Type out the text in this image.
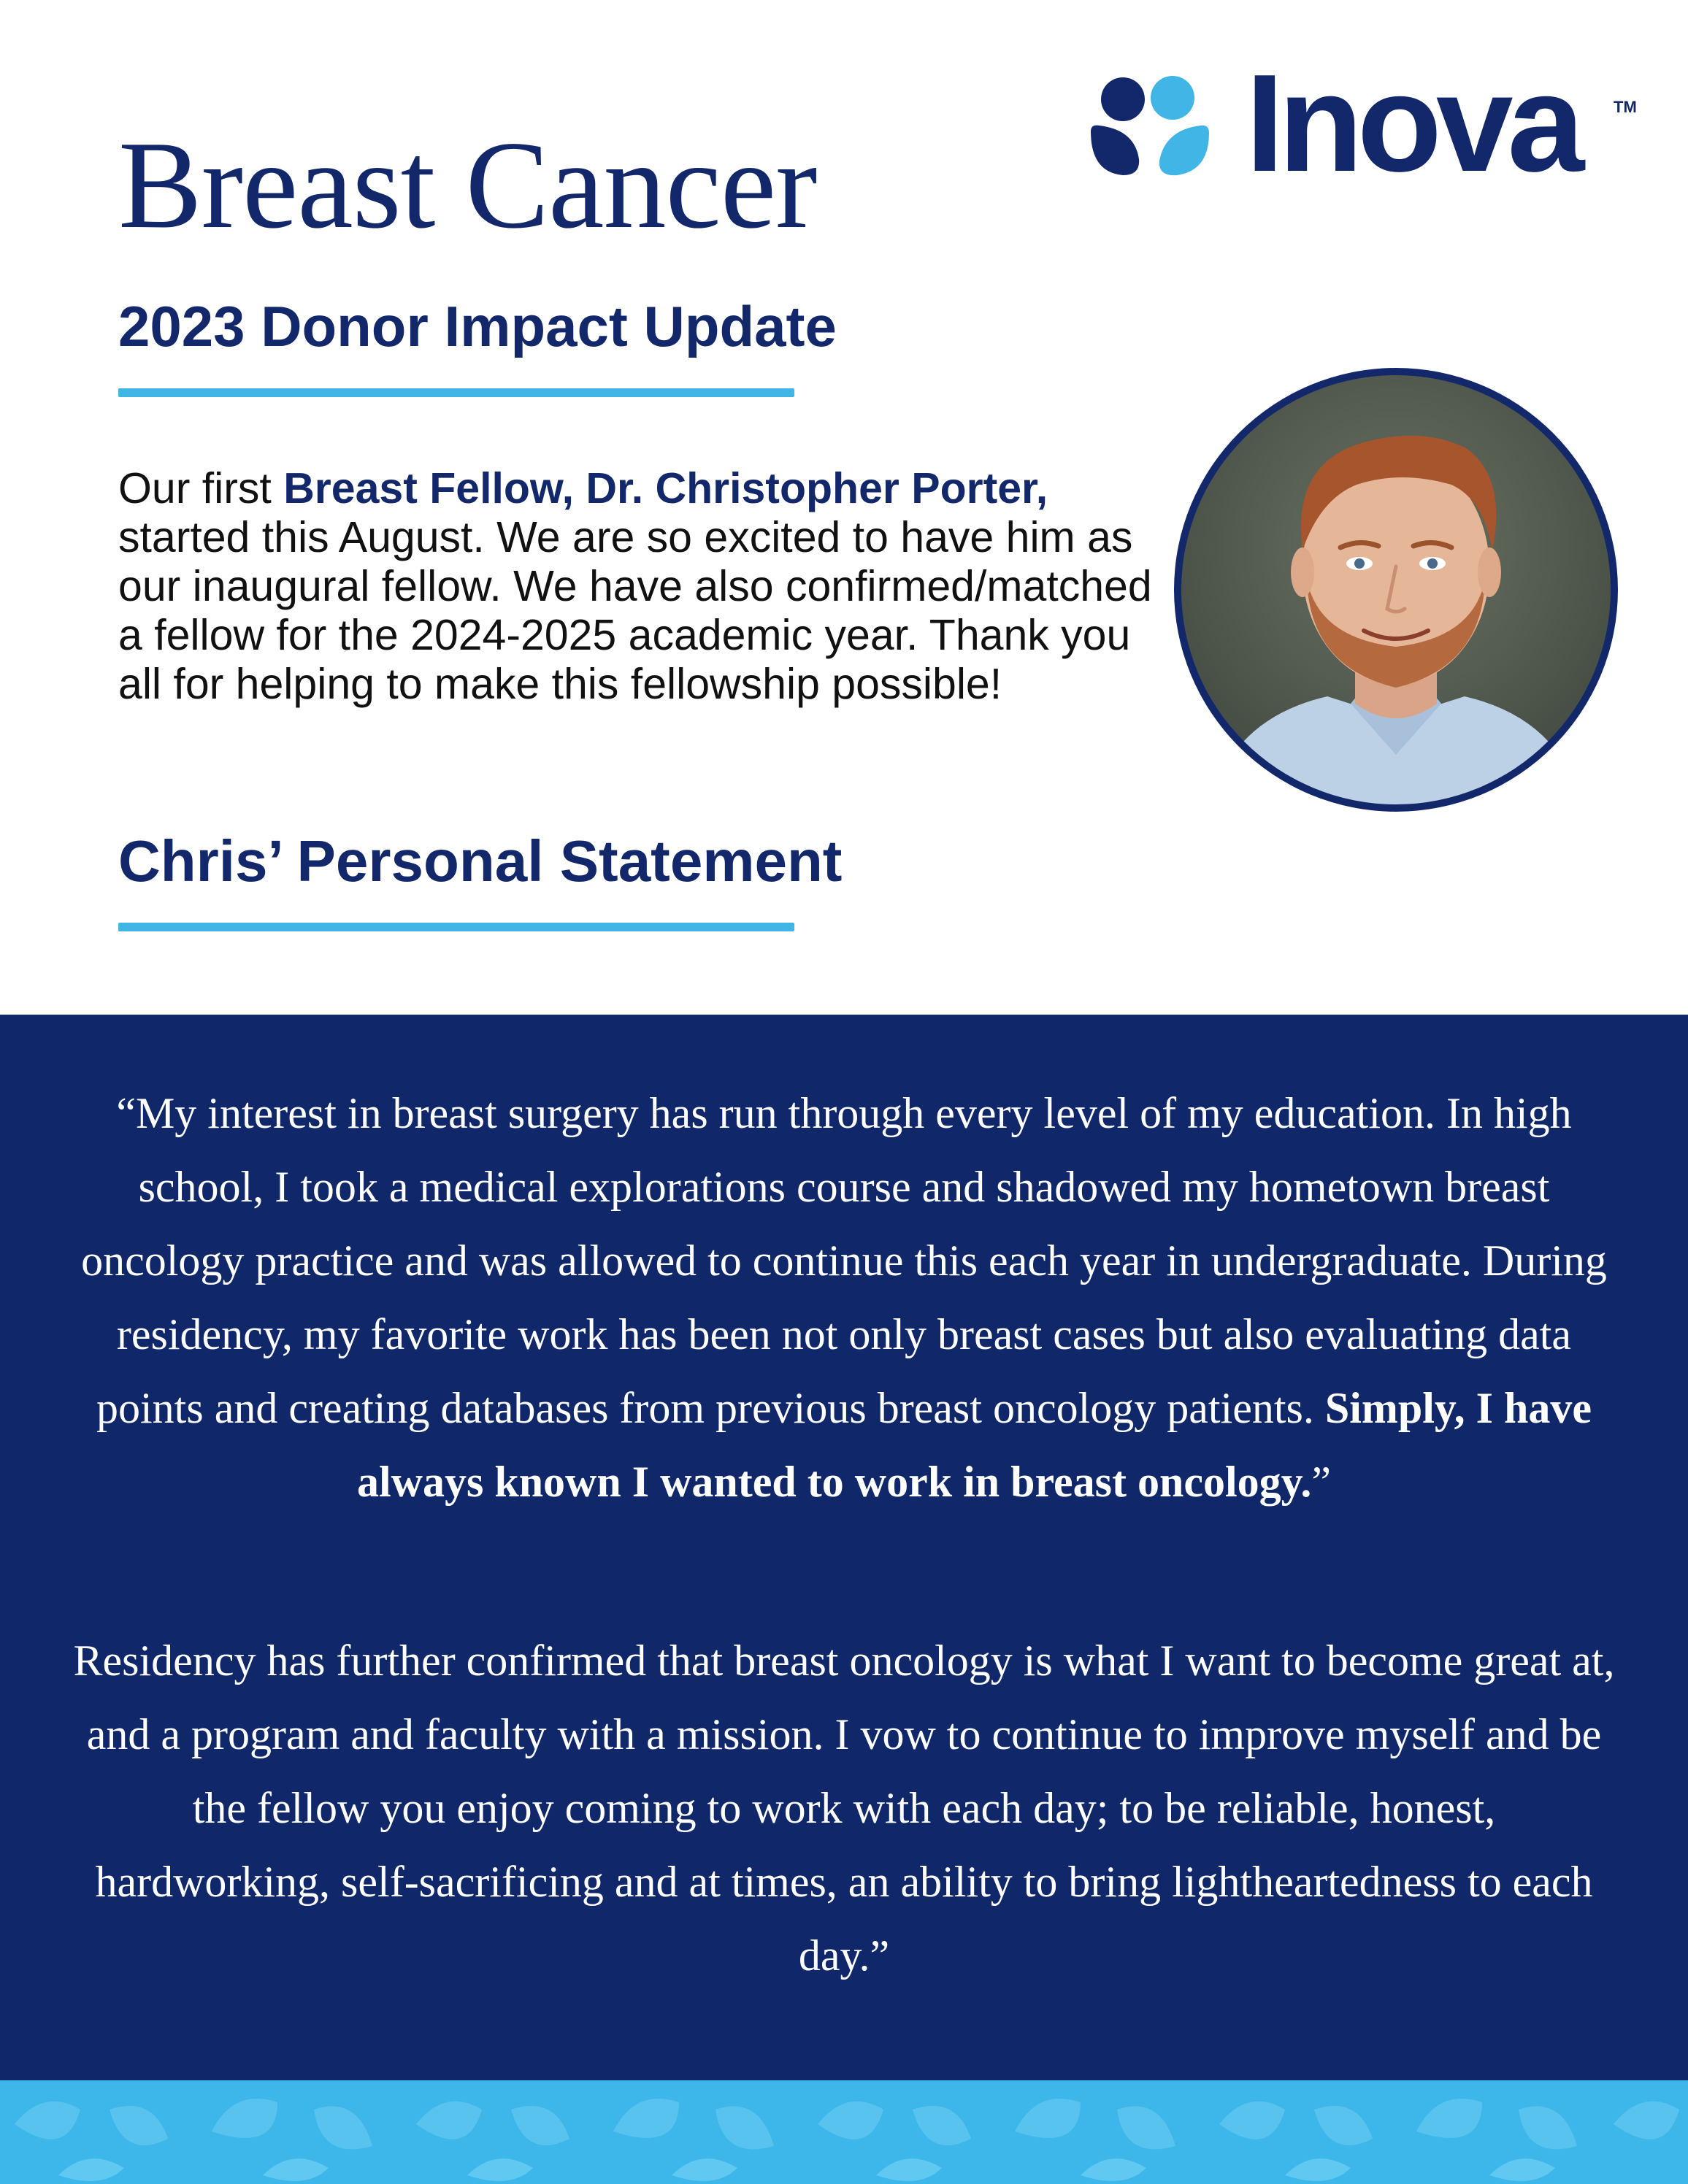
Inova TM
Breast Cancer
2023 Donor Impact Update

Our first Breast Fellow, Dr. Christopher Porter, started this August. We are so excited to have him as our inaugural fellow. We have also confirmed/matched a fellow for the 2024-2025 academic year. Thank you all for helping to make this fellowship possible!

Chris’ Personal Statement

“My interest in breast surgery has run through every level of my education. In high school, I took a medical explorations course and shadowed my hometown breast oncology practice and was allowed to continue this each year in undergraduate. During residency, my favorite work has been not only breast cases but also evaluating data points and creating databases from previous breast oncology patients. Simply, I have always known I wanted to work in breast oncology.”

Residency has further confirmed that breast oncology is what I want to become great at, and a program and faculty with a mission. I vow to continue to improve myself and be the fellow you enjoy coming to work with each day; to be reliable, honest, hardworking, self-sacrificing and at times, an ability to bring lightheartedness to each day.”
